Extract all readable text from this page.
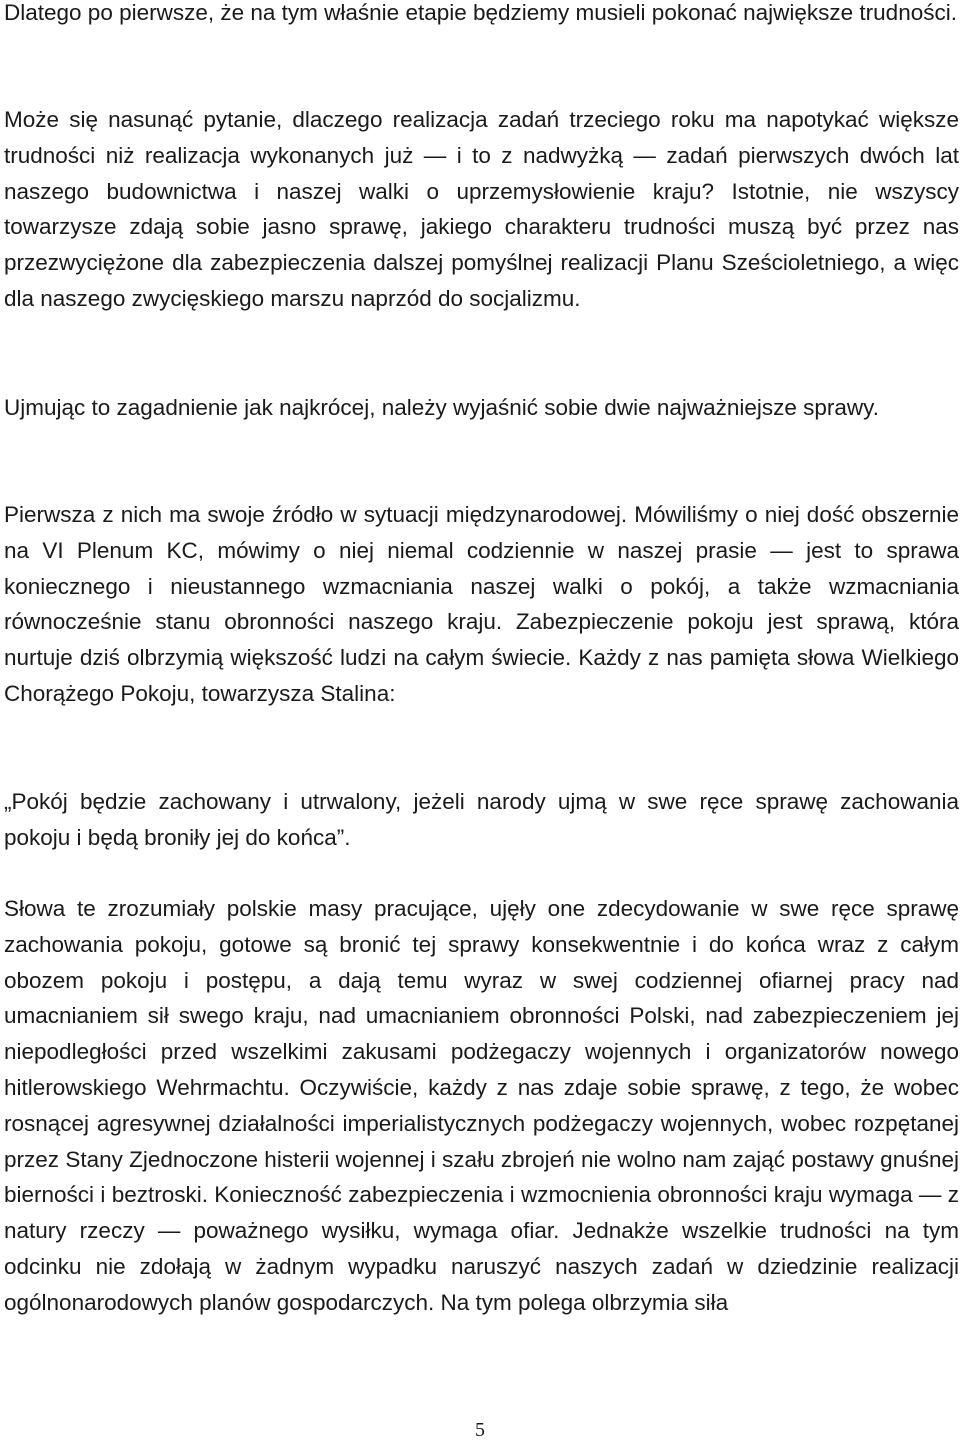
Dlatego po pierwsze, że na tym właśnie etapie będziemy musieli pokonać największe trudności.

Może się nasunąć pytanie, dlaczego realizacja zadań trzeciego roku ma napotykać większe trudności niż realizacja wykonanych już — i to z nadwyżką — zadań pierwszych dwóch lat naszego budownictwa i naszej walki o uprzemysłowienie kraju? Istotnie, nie wszyscy towarzysze zdają sobie jasno sprawę, jakiego charakteru trudności muszą być przez nas przezwyciężone dla zabezpieczenia dalszej pomyślnej realizacji Planu Sześcioletniego, a więc dla naszego zwycięskiego marszu naprzód do socjalizmu.

Ujmując to zagadnienie jak najkrócej, należy wyjaśnić sobie dwie najważniejsze sprawy.

Pierwsza z nich ma swoje źródło w sytuacji międzynarodowej. Mówiliśmy o niej dość obszernie na VI Plenum KC, mówimy o niej niemal codziennie w naszej prasie — jest to sprawa koniecznego i nieustannego wzmacniania naszej walki o pokój, a także wzmacniania równocześnie stanu obronności naszego kraju. Zabezpieczenie pokoju jest sprawą, która nurtuje dziś olbrzymią większość ludzi na całym świecie. Każdy z nas pamięta słowa Wielkiego Chorążego Pokoju, towarzysza Stalina:

„Pokój będzie zachowany i utrwalony, jeżeli narody ujmą w swe ręce sprawę zachowania pokoju i będą broniły jej do końca”.

Słowa te zrozumiały polskie masy pracujące, ujęły one zdecydowanie w swe ręce sprawę zachowania pokoju, gotowe są bronić tej sprawy konsekwentnie i do końca wraz z całym obozem pokoju i postępu, a dają temu wyraz w swej codziennej ofiarnej pracy nad umacnianiem sił swego kraju, nad umacnianiem obronności Polski, nad zabezpieczeniem jej niepodległości przed wszelkimi zakusami podżegaczy wojennych i organizatorów nowego hitlerowskiego Wehrmachtu. Oczywiście, każdy z nas zdaje sobie sprawę, z tego, że wobec rosnącej agresywnej działalności imperialistycznych podżegaczy wojennych, wobec rozpętanej przez Stany Zjednoczone histerii wojennej i szału zbrojeń nie wolno nam zająć postawy gnuśnej bierności i beztroski. Konieczność zabezpieczenia i wzmocnienia obronności kraju wymaga — z natury rzeczy — poważnego wysiłku, wymaga ofiar. Jednakże wszelkie trudności na tym odcinku nie zdołają w żadnym wypadku naruszyć naszych zadań w dziedzinie realizacji ogólnonarodowych planów gospodarczych. Na tym polega olbrzymia siła

5
